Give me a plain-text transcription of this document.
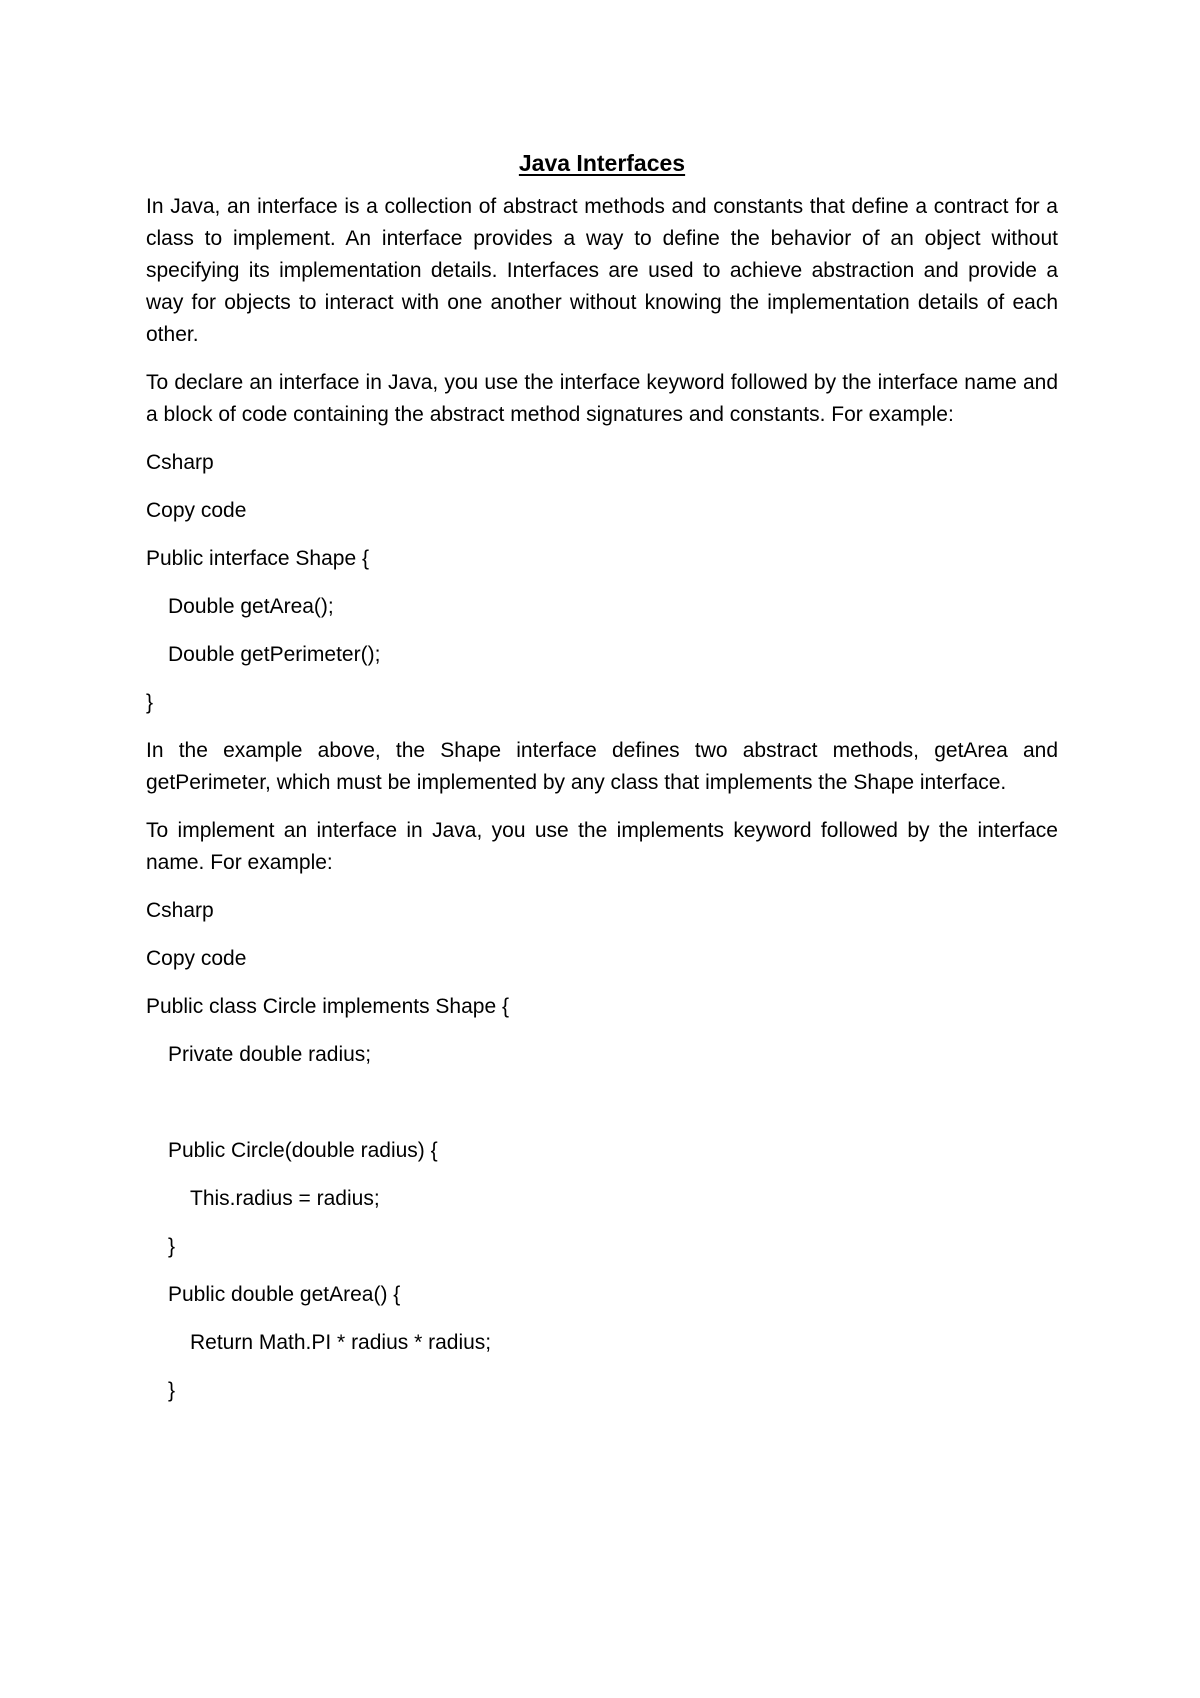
Java Interfaces

In Java, an interface is a collection of abstract methods and constants that define a contract for a class to implement. An interface provides a way to define the behavior of an object without specifying its implementation details. Interfaces are used to achieve abstraction and provide a way for objects to interact with one another without knowing the implementation details of each other.

To declare an interface in Java, you use the interface keyword followed by the interface name and a block of code containing the abstract method signatures and constants. For example:

Csharp
Copy code
Public interface Shape {
Double getArea();
Double getPerimeter();
}

In the example above, the Shape interface defines two abstract methods, getArea and getPerimeter, which must be implemented by any class that implements the Shape interface.

To implement an interface in Java, you use the implements keyword followed by the interface name. For example:

Csharp
Copy code
Public class Circle implements Shape {
Private double radius;
Public Circle(double radius) {
This.radius = radius;
}
Public double getArea() {
Return Math.PI * radius * radius;
}
